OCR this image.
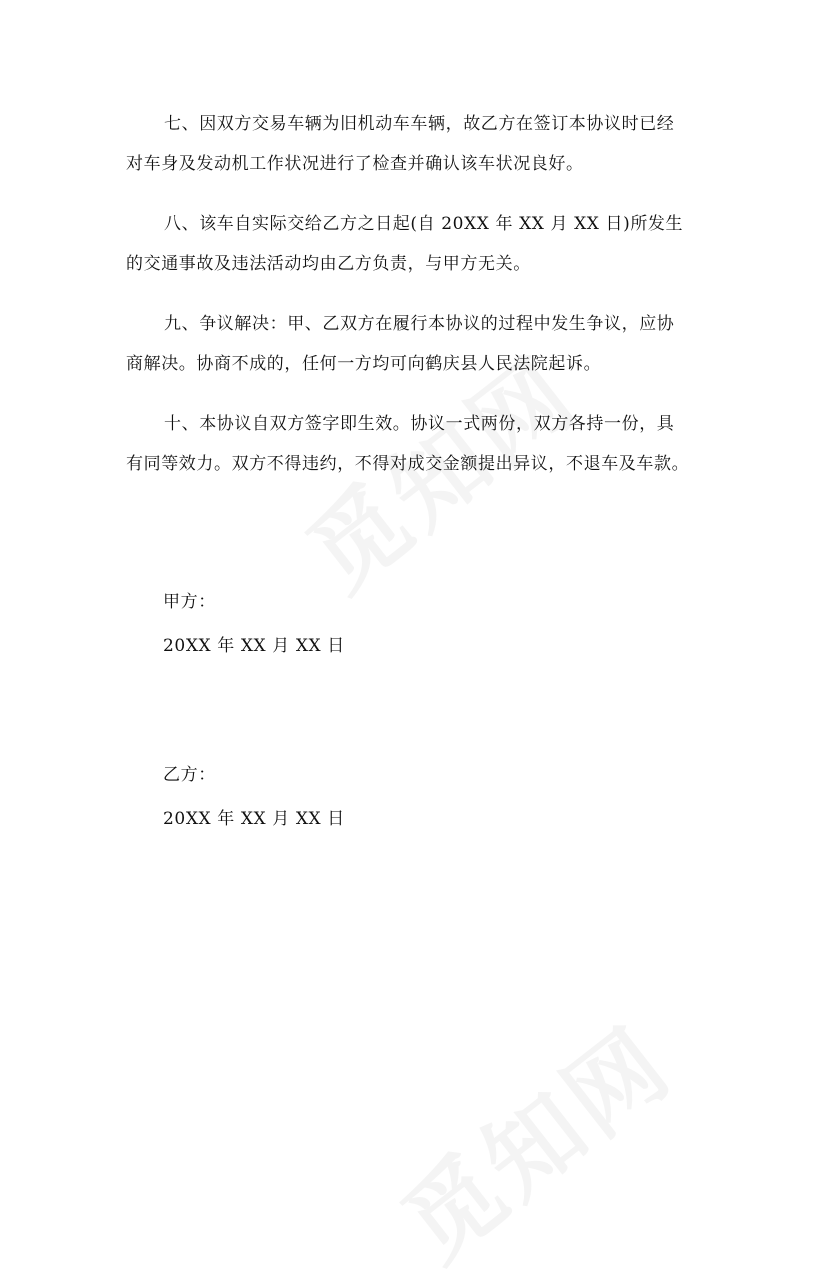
七、因双方交易车辆为旧机动车车辆，故乙方在签订本协议时已经
对车身及发动机工作状况进行了检查并确认该车状况良好。

八、该车自实际交给乙方之日起(自 20XX 年 XX 月 XX 日)所发生
的交通事故及违法活动均由乙方负责，与甲方无关。

九、争议解决：甲、乙双方在履行本协议的过程中发生争议，应协
商解决。协商不成的，任何一方均可向鹤庆县人民法院起诉。

十、本协议自双方签字即生效。协议一式两份，双方各持一份，具
有同等效力。双方不得违约，不得对成交金额提出异议，不退车及车款。

甲方：
20XX 年 XX 月 XX 日
乙方：
20XX 年 XX 月 XX 日
